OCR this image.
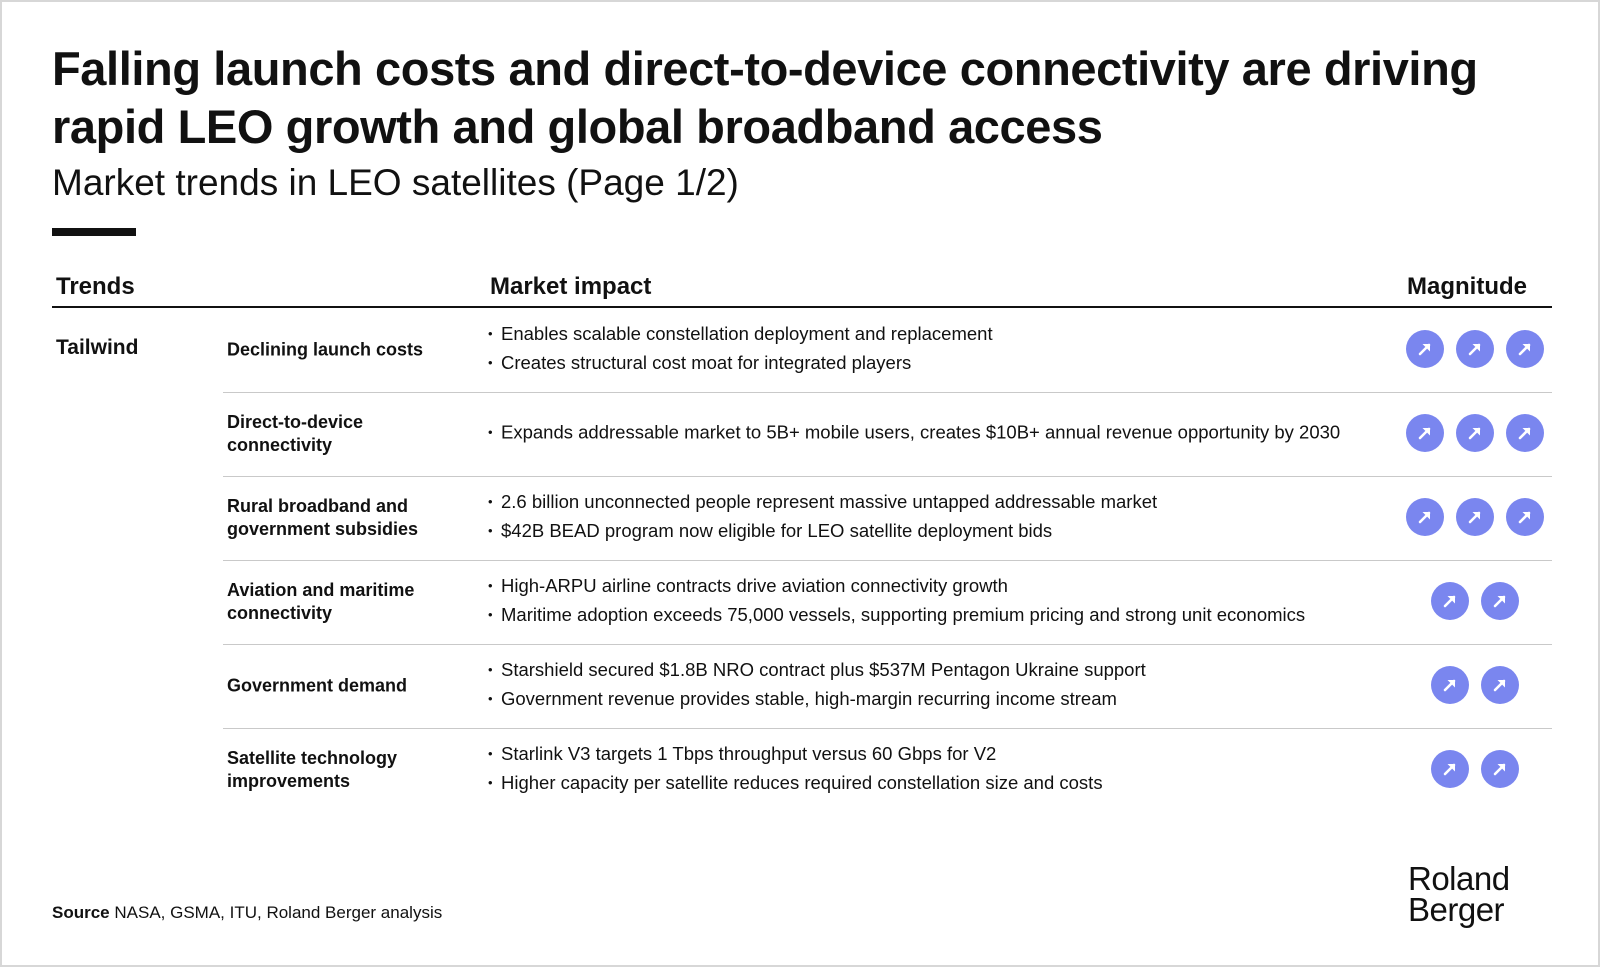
Falling launch costs and direct-to-device connectivity are driving rapid LEO growth and global broadband access
Market trends in LEO satellites (Page 1/2)
Trends	Market impact	Magnitude
Tailwind	Declining launch costs
• Enables scalable constellation deployment and replacement
• Creates structural cost moat for integrated players
Direct-to-device connectivity
• Expands addressable market to 5B+ mobile users, creates $10B+ annual revenue opportunity by 2030
Rural broadband and government subsidies
• 2.6 billion unconnected people represent massive untapped addressable market
• $42B BEAD program now eligible for LEO satellite deployment bids
Aviation and maritime connectivity
• High-ARPU airline contracts drive aviation connectivity growth
• Maritime adoption exceeds 75,000 vessels, supporting premium pricing and strong unit economics
Government demand
• Starshield secured $1.8B NRO contract plus $537M Pentagon Ukraine support
• Government revenue provides stable, high-margin recurring income stream
Satellite technology improvements
• Starlink V3 targets 1 Tbps throughput versus 60 Gbps for V2
• Higher capacity per satellite reduces required constellation size and costs
Source NASA, GSMA, ITU, Roland Berger analysis
Roland
Berger
